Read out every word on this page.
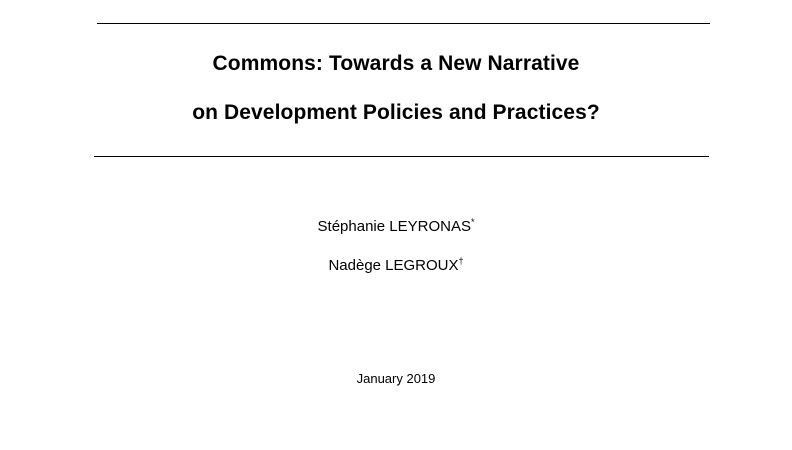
Commons: Towards a New Narrative
on Development Policies and Practices?
Stéphanie LEYRONAS*
Nadège LEGROUX†
January 2019
